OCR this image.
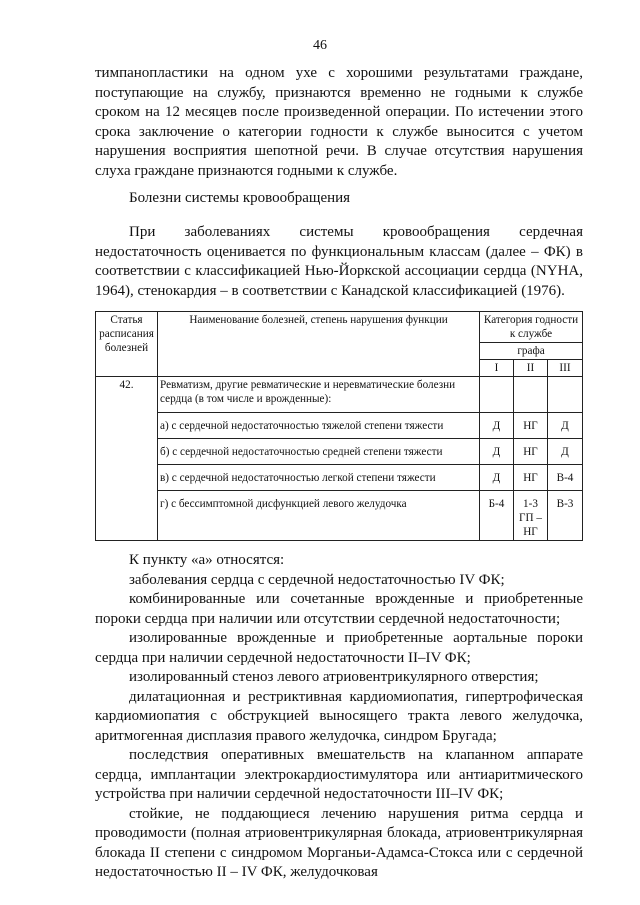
46

тимпанопластики на одном ухе с хорошими результатами граждане, поступающие на службу, признаются временно не годными к службе сроком на 12 месяцев после произведенной операции. По истечении этого срока заключение о категории годности к службе выносится с учетом нарушения восприятия шепотной речи. В случае отсутствия нарушения слуха граждане признаются годными к службе.

Болезни системы кровообращения

При заболеваниях системы кровообращения сердечная недостаточность оценивается по функциональным классам (далее – ФК) в соответствии с классификацией Нью-Йоркской ассоциации сердца (NYHA, 1964), стенокардия – в соответствии с Канадской классификацией (1976).

Статья расписания болезней	Наименование болезней, степень нарушения функции	Категория годности к службе		
		графа		
		I	II	III
42.	Ревматизм, другие ревматические и неревматические болезни сердца (в том числе и врожденные):			
	а) с сердечной недостаточностью тяжелой степени тяжести	Д	НГ	Д
	б) с сердечной недостаточностью средней степени тяжести	Д	НГ	Д
	в) с сердечной недостаточностью легкой степени тяжести	Д	НГ	В-4
	г) с бессимптомной дисфункцией левого желудочка	Б-4	1-3 ГП – НГ	В-3

К пункту «а» относятся:

заболевания сердца с сердечной недостаточностью IV ФК;

комбинированные или сочетанные врожденные и приобретенные пороки сердца при наличии или отсутствии сердечной недостаточности;

изолированные врожденные и приобретенные аортальные пороки сердца при наличии сердечной недостаточности II–IV ФК;

изолированный стеноз левого атриовентрикулярного отверстия;

дилатационная и рестриктивная кардиомиопатия, гипертрофическая кардиомиопатия с обструкцией выносящего тракта левого желудочка, аритмогенная дисплазия правого желудочка, синдром Бругада;

последствия оперативных вмешательств на клапанном аппарате сердца, имплантации электрокардиостимулятора или антиаритмического устройства при наличии сердечной недостаточности III–IV ФК;

стойкие, не поддающиеся лечению нарушения ритма сердца и проводимости (полная атриовентрикулярная блокада, атриовентрикулярная блокада II степени с синдромом Морганьи-Адамса-Стокса или с сердечной недостаточностью II – IV ФК, желудочковая
